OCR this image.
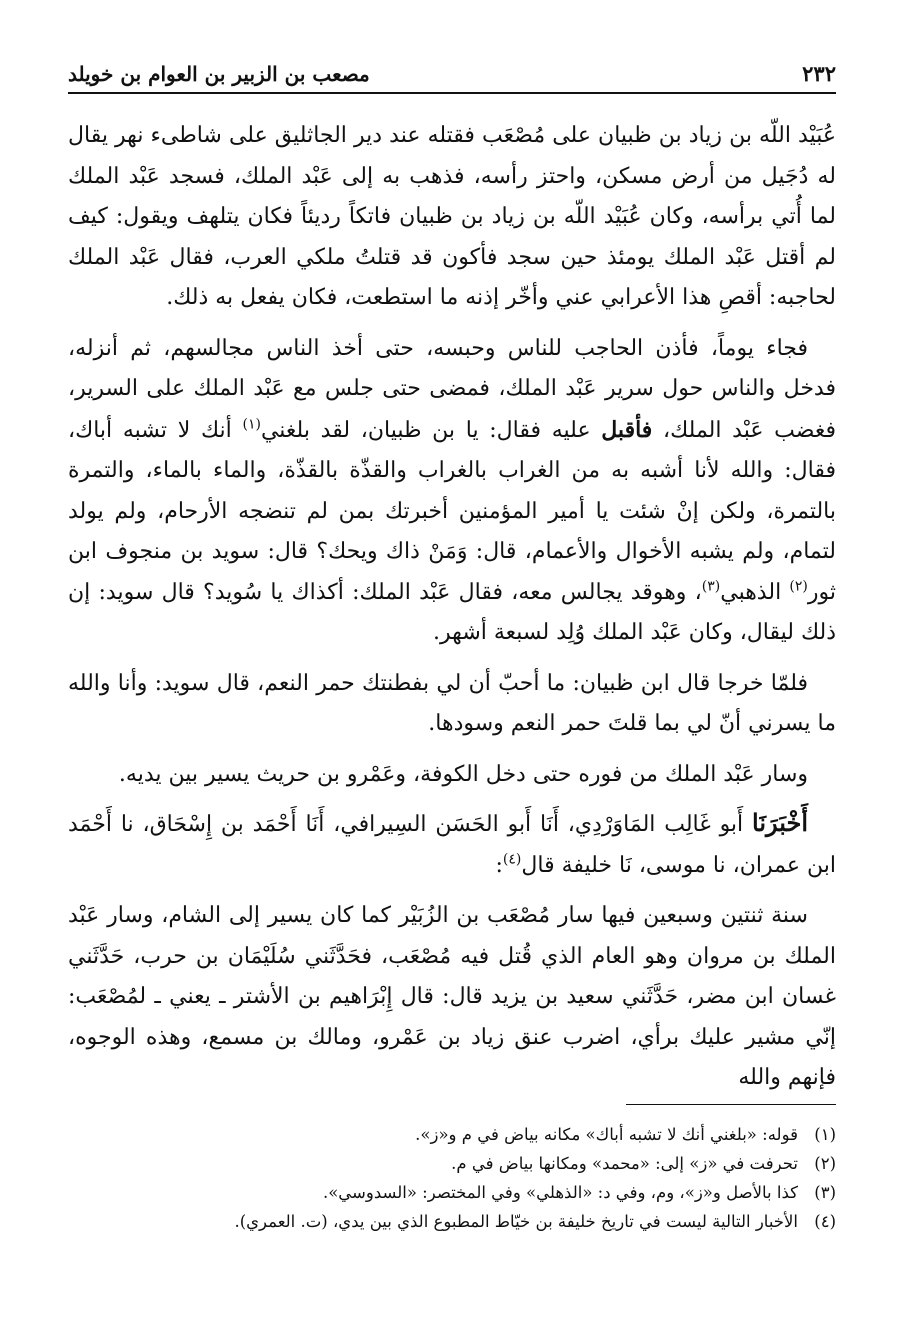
٢٣٢
مصعب بن الزبير بن العوام بن خويلد

عُبَيْد اللّه بن زياد بن ظبيان على مُصْعَب فقتله عند دير الجاثليق على شاطىء نهر يقال له دُجَيل من أرض مسكن، واحتز رأسه، فذهب به إلى عَبْد الملك، فسجد عَبْد الملك لما أُتي برأسه، وكان عُبَيْد اللّه بن زياد بن ظبيان فاتكاً رديئاً فكان يتلهف ويقول: كيف لم أقتل عَبْد الملك يومئذ حين سجد فأكون قد قتلتُ ملكي العرب، فقال عَبْد الملك لحاجبه: أقصِ هذا الأعرابي عني وأخّر إذنه ما استطعت، فكان يفعل به ذلك.

فجاء يوماً، فأذن الحاجب للناس وحبسه، حتى أخذ الناس مجالسهم، ثم أنزله، فدخل والناس حول سرير عَبْد الملك، فمضى حتى جلس مع عَبْد الملك على السرير، فغضب عَبْد الملك، فأقبل عليه فقال: يا بن ظبيان، لقد بلغني$^{(١)}$ أنك لا تشبه أباك، فقال: والله لأنا أشبه به من الغراب بالغراب والقذّة بالقذّة، والماء بالماء، والتمرة بالتمرة، ولكن إنْ شئت يا أمير المؤمنين أخبرتك بمن لم تنضجه الأرحام، ولم يولد لتمام، ولم يشبه الأخوال والأعمام، قال: وَمَنْ ذاك ويحك؟ قال: سويد بن منجوف ابن ثور$^{(٢)}$ الذهبي$^{(٣)}$، وهوقد يجالس معه، فقال عَبْد الملك: أكذاك يا سُويد؟ قال سويد: إن ذلك ليقال، وكان عَبْد الملك وُلِد لسبعة أشهر.

فلمّا خرجا قال ابن ظبيان: ما أحبّ أن لي بفطنتك حمر النعم، قال سويد: وأنا والله ما يسرني أنّ لي بما قلتَ حمر النعم وسودها.

وسار عَبْد الملك من فوره حتى دخل الكوفة، وعَمْرو بن حريث يسير بين يديه.

أَخْبَرَنَا أَبو غَالِب المَاوَرْدِي، أَنَا أَبو الحَسَن السِيرافي، أَنَا أَحْمَد بن إِسْحَاق، نا أَحْمَد ابن عمران، نا موسى، نَا خليفة قال$^{(٤)}$:

سنة ثنتين وسبعين فيها سار مُصْعَب بن الزُبَيْر كما كان يسير إلى الشام، وسار عَبْد الملك بن مروان وهو العام الذي قُتل فيه مُصْعَب، فحَدَّثَني سُلَيْمَان بن حرب، حَدَّثَني غسان ابن مضر، حَدَّثَني سعيد بن يزيد قال: قال إِبْرَاهيم بن الأشتر ـ يعني ـ لمُصْعَب: إنّي مشير عليك برأي، اضرب عنق زياد بن عَمْرو، ومالك بن مسمع، وهذه الوجوه، فإنهم والله

(١)
قوله: «بلغني أنك لا تشبه أباك» مكانه بياض في م و«ز».
(٢)
تحرفت في «ز» إلى: «محمد» ومكانها بياض في م.
(٣)
كذا بالأصل و«ز»، وم، وفي د: «الذهلي» وفي المختصر: «السدوسي».
(٤)
الأخبار التالية ليست في تاريخ خليفة بن خيّاط المطبوع الذي بين يدي، (ت. العمري).
